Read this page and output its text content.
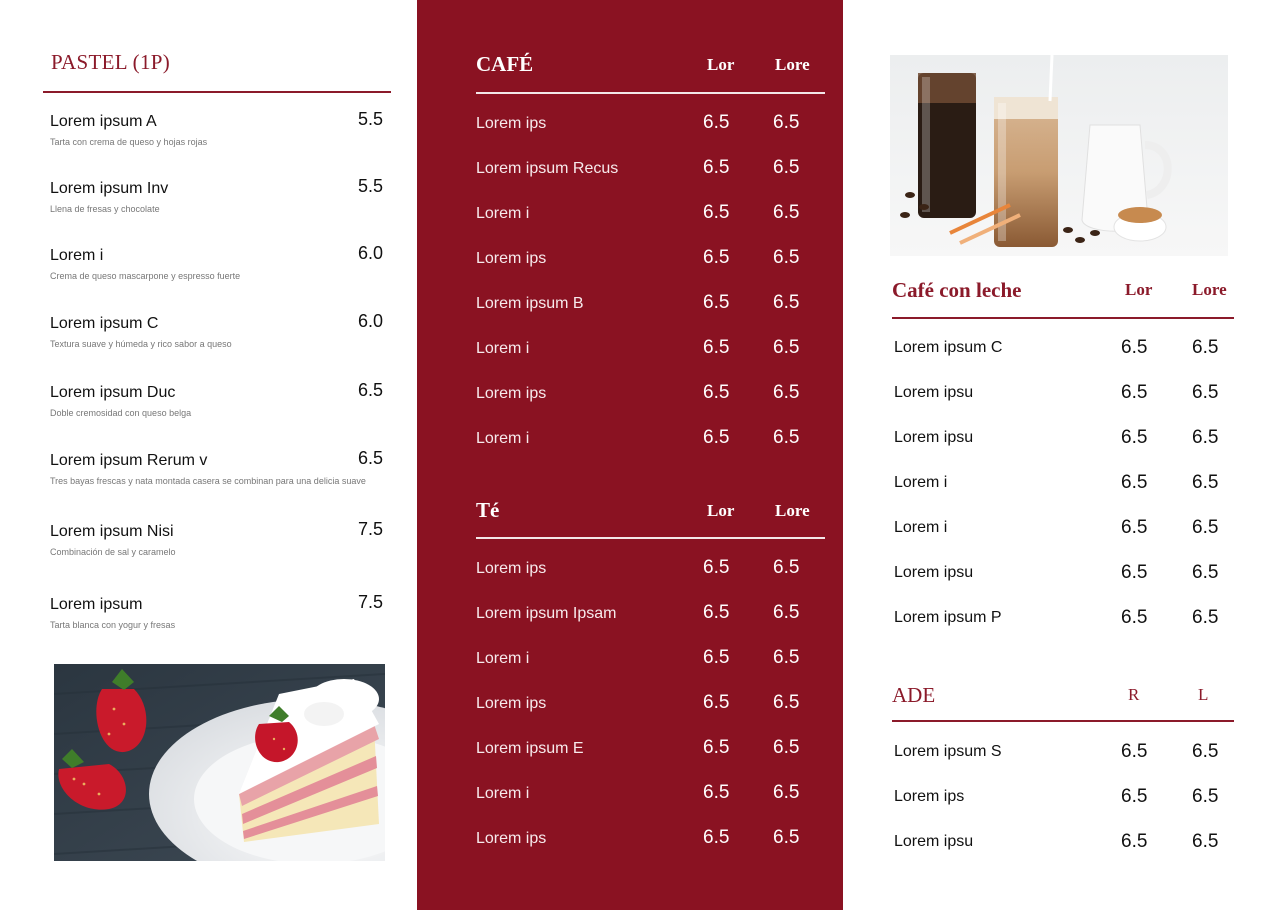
PASTEL (1P)
Lorem ipsum A
Tarta con crema de queso y hojas rojas
5.5
Lorem ipsum Inv
Llena de fresas y chocolate
5.5
Lorem i
Crema de queso mascarpone y espresso fuerte
6.0
Lorem ipsum C
Textura suave y húmeda y rico sabor a queso
6.0
Lorem ipsum Duc
Doble cremosidad con queso belga
6.5
Lorem ipsum Rerum v
Tres bayas frescas y nata montada casera se combinan para una delicia suave
6.5
Lorem ipsum Nisi
Combinación de sal y caramelo
7.5
Lorem ipsum
Tarta blanca con yogur y fresas
7.5
CAFÉ	Lor Lore
Lorem ips	6.5 6.5
Lorem ipsum Recus	6.5 6.5
Lorem i	6.5 6.5
Lorem ips	6.5 6.5
Lorem ipsum B	6.5 6.5
Lorem i	6.5 6.5
Lorem ips	6.5 6.5
Lorem i	6.5 6.5
Té	Lor Lore
Lorem ips	6.5 6.5
Lorem ipsum Ipsam	6.5 6.5
Lorem i	6.5 6.5
Lorem ips	6.5 6.5
Lorem ipsum E	6.5 6.5
Lorem i	6.5 6.5
Lorem ips	6.5 6.5
Café con leche	Lor Lore
Lorem ipsum C	6.5 6.5
Lorem ipsu	6.5 6.5
Lorem ipsu	6.5 6.5
Lorem i	6.5 6.5
Lorem i	6.5 6.5
Lorem ipsu	6.5 6.5
Lorem ipsum P	6.5 6.5
ADE	R	L
Lorem ipsum S	6.5 6.5
Lorem ips	6.5 6.5
Lorem ipsu	6.5 6.5
